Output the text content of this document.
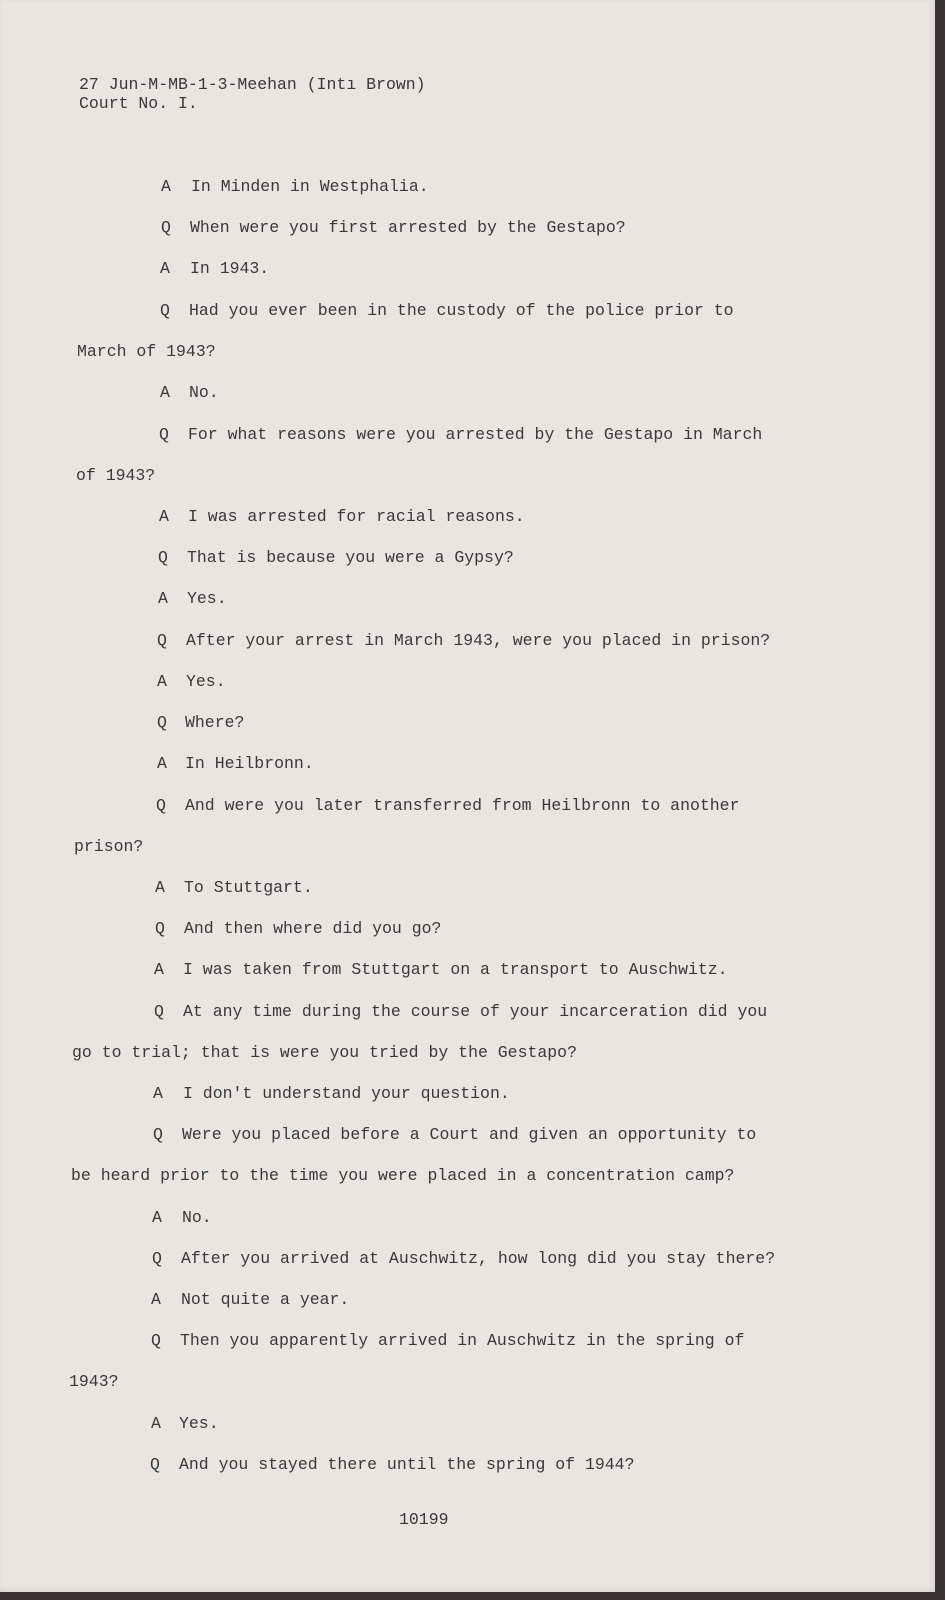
27 Jun-M-MB-1-3-Meehan (Intı Brown)
Court No. I.
10199
A In Minden in Westphalia.
Q When were you first arrested by the Gestapo?
A In 1943.
Q Had you ever been in the custody of the police prior to
March of 1943?
A No.
Q For what reasons were you arrested by the Gestapo in March
of 1943?
A I was arrested for racial reasons.
Q That is because you were a Gypsy?
A Yes.
Q After your arrest in March 1943, were you placed in prison?
A Yes.
Q Where?
A In Heilbronn.
Q And were you later transferred from Heilbronn to another
prison?
A To Stuttgart.
Q And then where did you go?
A I was taken from Stuttgart on a transport to Auschwitz.
Q At any time during the course of your incarceration did you
go to trial; that is were you tried by the Gestapo?
A I don't understand your question.
Q Were you placed before a Court and given an opportunity to
be heard prior to the time you were placed in a concentration camp?
A No.
Q After you arrived at Auschwitz, how long did you stay there?
A Not quite a year.
Q Then you apparently arrived in Auschwitz in the spring of
1943?
A Yes.
Q And you stayed there until the spring of 1944?
